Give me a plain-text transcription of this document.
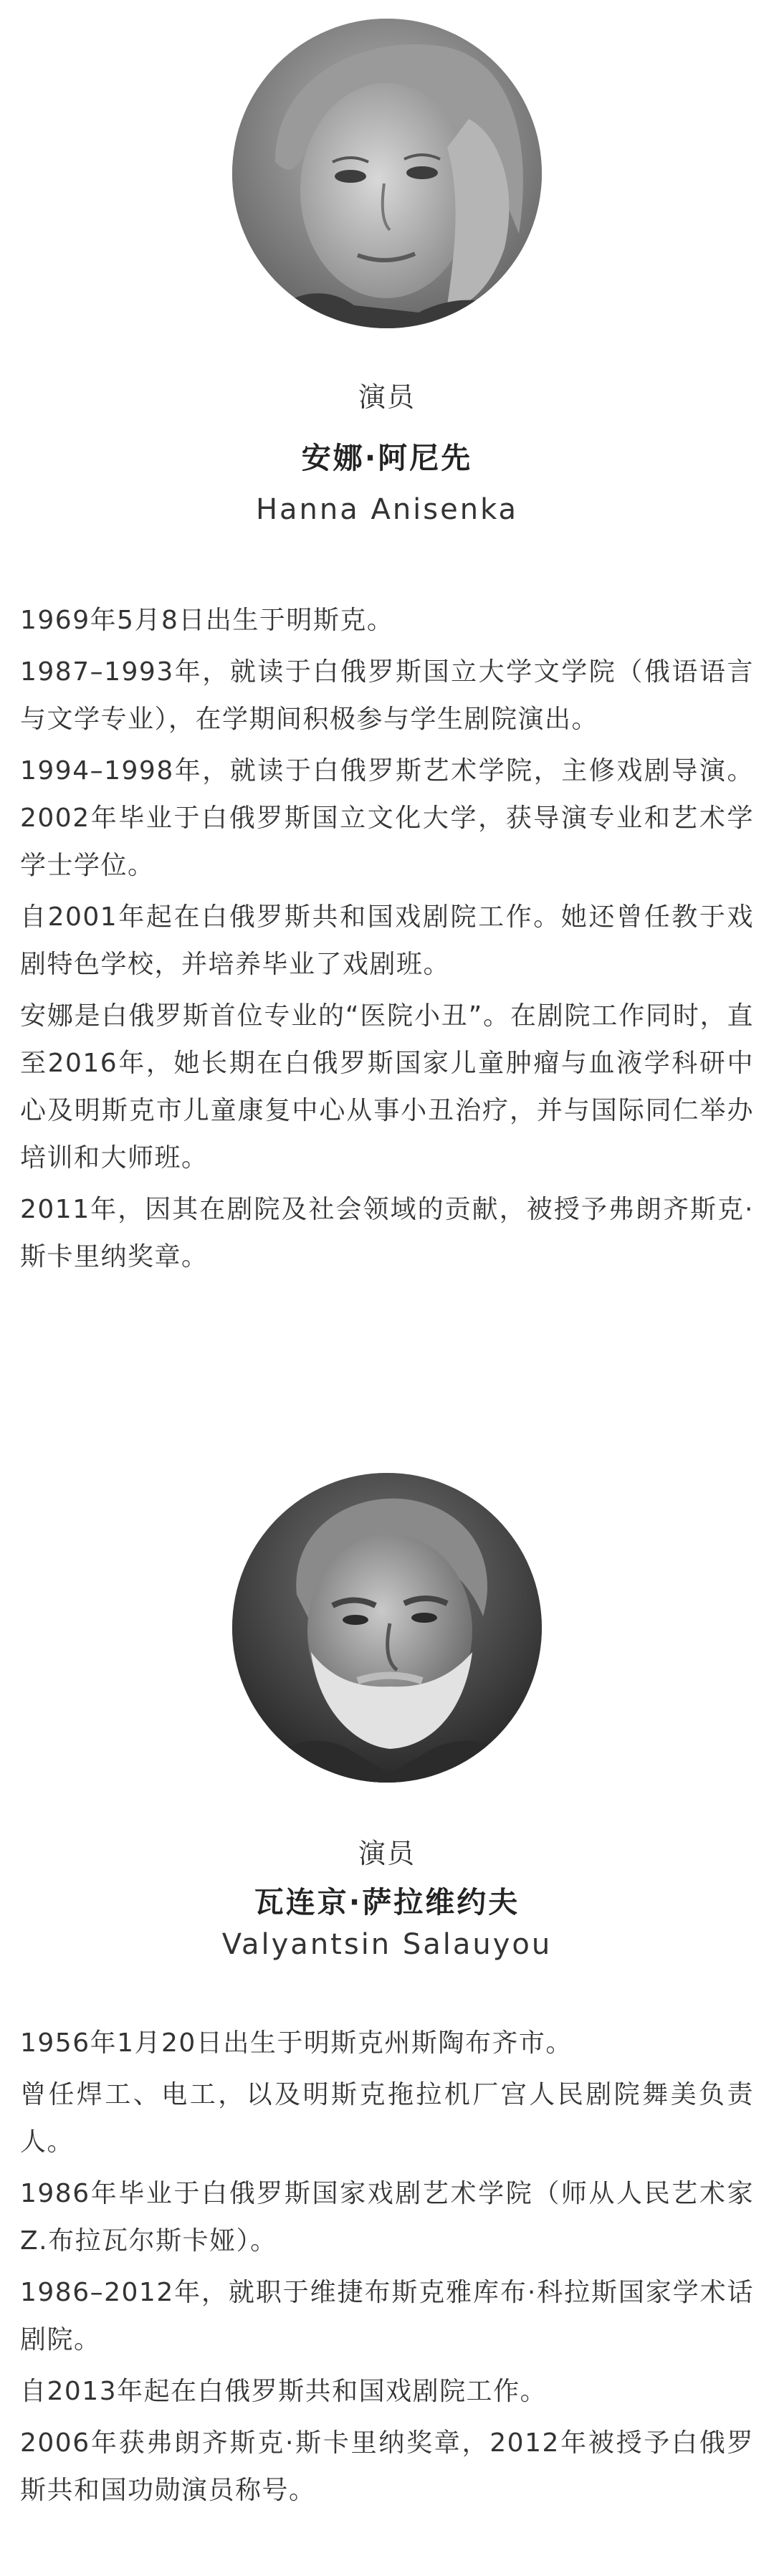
演员
安娜·阿尼先
Hanna Anisenka

1969年5月8日出生于明斯克。

1987–1993年，就读于白俄罗斯国立大学文学院（俄语语言与文学专业），在学期间积极参与学生剧院演出。

1994–1998年，就读于白俄罗斯艺术学院，主修戏剧导演。2002年毕业于白俄罗斯国立文化大学，获导演专业和艺术学学士学位。

自2001年起在白俄罗斯共和国戏剧院工作。她还曾任教于戏剧特色学校，并培养毕业了戏剧班。

安娜是白俄罗斯首位专业的“医院小丑”。在剧院工作同时，直至2016年，她长期在白俄罗斯国家儿童肿瘤与血液学科研中心及明斯克市儿童康复中心从事小丑治疗，并与国际同仁举办培训和大师班。

2011年，因其在剧院及社会领域的贡献，被授予弗朗齐斯克·斯卡里纳奖章。

演员
瓦连京·萨拉维约夫
Valyantsin Salauyou

1956年1月20日出生于明斯克州斯陶布齐市。

曾任焊工、电工，以及明斯克拖拉机厂宫人民剧院舞美负责人。

1986年毕业于白俄罗斯国家戏剧艺术学院（师从人民艺术家Z.布拉瓦尔斯卡娅）。

1986–2012年，就职于维捷布斯克雅库布·科拉斯国家学术话剧院。

自2013年起在白俄罗斯共和国戏剧院工作。

2006年获弗朗齐斯克·斯卡里纳奖章，2012年被授予白俄罗斯共和国功勋演员称号。
